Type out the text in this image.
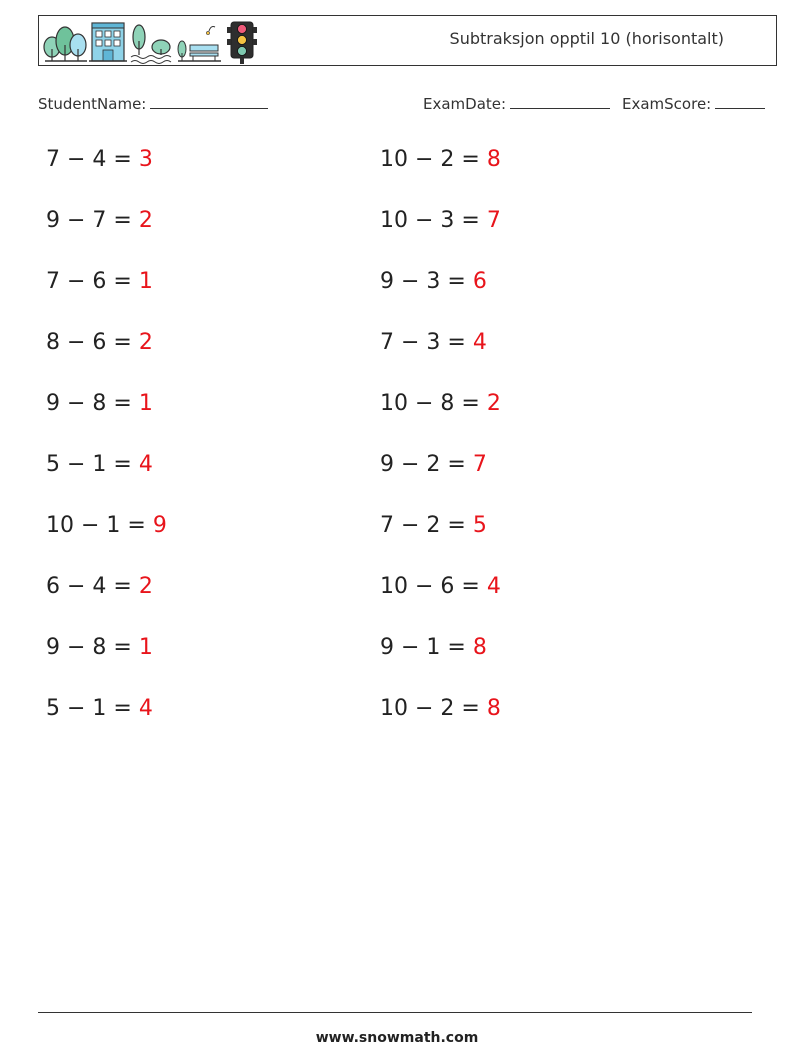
Subtraksjon opptil 10 (horisontalt)
StudentName:	ExamDate:	ExamScore:
7 − 4 = 3	10 − 2 = 8
9 − 7 = 2	10 − 3 = 7
7 − 6 = 1	9 − 3 = 6
8 − 6 = 2	7 − 3 = 4
9 − 8 = 1	10 − 8 = 2
5 − 1 = 4	9 − 2 = 7
10 − 1 = 9	7 − 2 = 5
6 − 4 = 2	10 − 6 = 4
9 − 8 = 1	9 − 1 = 8
5 − 1 = 4	10 − 2 = 8
www.snowmath.com
